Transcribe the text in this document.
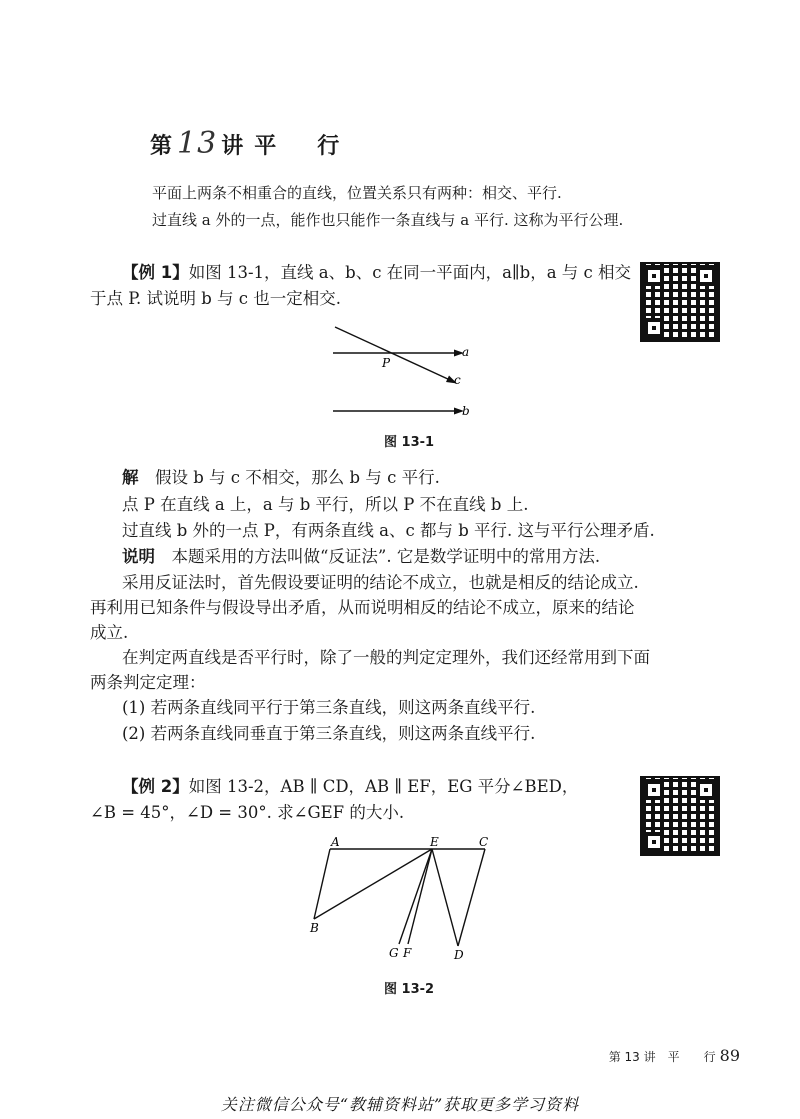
第 13 讲 平 行
平面上两条不相重合的直线，位置关系只有两种：相交、平行.
过直线 a 外的一点，能作也只能作一条直线与 a 平行. 这称为平行公理.
【例 1】如图 13-1，直线 a、b、c 在同一平面内，a∥b，a 与 c 相交
于点 P. 试说明 b 与 c 也一定相交.
P
a
c
b
图 13-1
解　 假设 b 与 c 不相交，那么 b 与 c 平行.
点 P 在直线 a 上，a 与 b 平行，所以 P 不在直线 b 上.
过直线 b 外的一点 P，有两条直线 a、c 都与 b 平行. 这与平行公理矛盾.
说明　 本题采用的方法叫做“反证法”. 它是数学证明中的常用方法.
采用反证法时，首先假设要证明的结论不成立，也就是相反的结论成立.
再利用已知条件与假设导出矛盾，从而说明相反的结论不成立，原来的结论
成立.
在判定两直线是否平行时，除了一般的判定定理外，我们还经常用到下面
两条判定定理：
(1) 若两条直线同平行于第三条直线，则这两条直线平行.
(2) 若两条直线同垂直于第三条直线，则这两条直线平行.
【例 2】如图 13-2，AB ∥ CD，AB ∥ EF，EG 平分∠BED，
∠B = 45°，∠D = 30°. 求∠GEF 的大小.
A	E	C
B
G F	D
图 13-2
第 13 讲　平　　行 89
关注微信公众号“教辅资料站”获取更多学习资料
